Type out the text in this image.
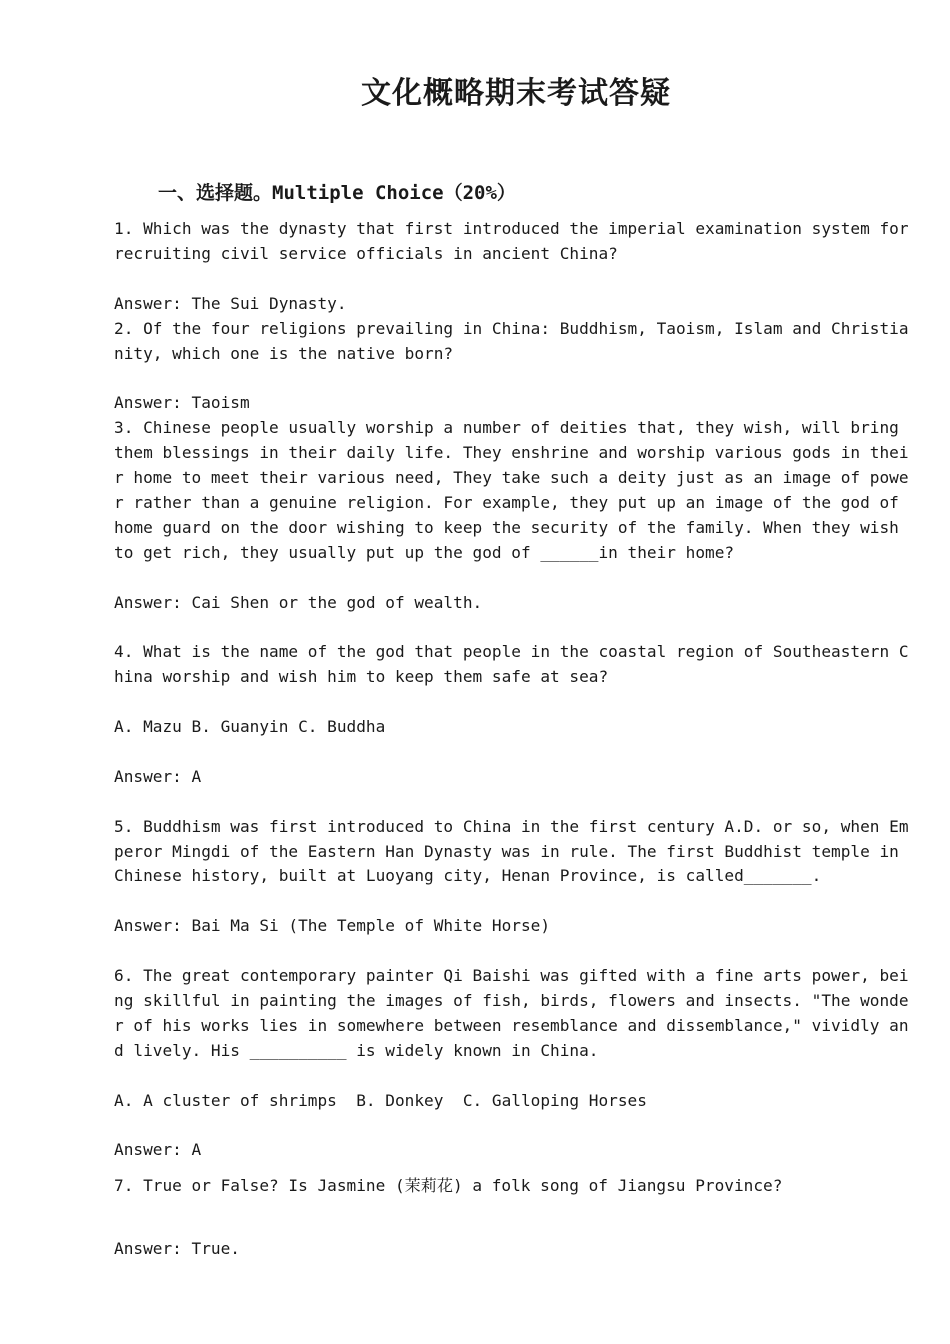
文化概略期末考试答疑
一、选择题。Multiple Choice（20%）

1. Which was the dynasty that first introduced the imperial examination system for recruiting civil service officials in ancient China?

Answer: The Sui Dynasty.

2. Of the four religions prevailing in China: Buddhism, Taoism, Islam and Christianity, which one is the native born?

Answer: Taoism

3. Chinese people usually worship a number of deities that, they wish, will bring them blessings in their daily life. They enshrine and worship various gods in their home to meet their various need, They take such a deity just as an image of power rather than a genuine religion. For example, they put up an image of the god of home guard on the door wishing to keep the security of the family. When they wish to get rich, they usually put up the god of ______in their home?

Answer: Cai Shen or the god of wealth.

4. What is the name of the god that people in the coastal region of Southeastern China worship and wish him to keep them safe at sea?

A. Mazu B. Guanyin C. Buddha

Answer: A

5. Buddhism was first introduced to China in the first century A.D. or so, when Emperor Mingdi of the Eastern Han Dynasty was in rule. The first Buddhist temple in Chinese history, built at Luoyang city, Henan Province, is called_______.

Answer: Bai Ma Si (The Temple of White Horse)

6. The great contemporary painter Qi Baishi was gifted with a fine arts power, being skillful in painting the images of fish, birds, flowers and insects. "The wonder of his works lies in somewhere between resemblance and dissemblance," vividly and lively. His __________ is widely known in China.

A. A cluster of shrimps  B. Donkey  C. Galloping Horses

Answer: A

7. True or False? Is Jasmine (茉莉花) a folk song of Jiangsu Province?

Answer: True.
